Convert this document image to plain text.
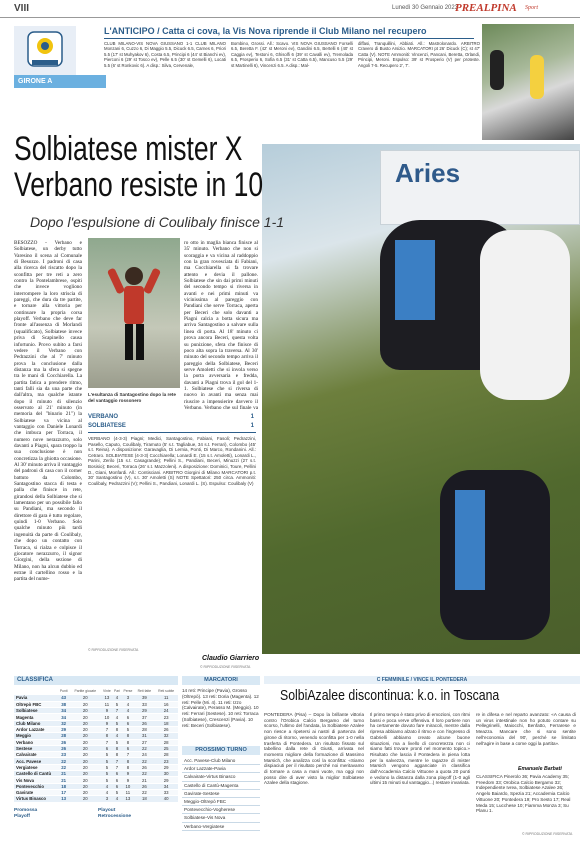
VIII	Lunedì 30 Gennaio 2023
PREALPINA Sport
GIRONE A
L'ANTICIPO / Catta ci cova, la Vis Nova riprende il Club Milano nel recupero
CLUB MILANO-VIS NOVA GIUSSANO 1-1 CLUB MILANO Monzani 6, Cuzzo 6, Di Maggio 5.5, Dicuck 6.5, Carnes 6, Priori 5.5 (17' st Muhyakov 6), Costa 6.5, Principi 6 (44' st Bianchi ev), Pierconi 6 (29' st Tosco ev), Pelle 6.5 (30' st Gemelli 6), Locati 5.5 (6' st Ronkovic 6). A disp.: Silva, Cervenale,
Bombino, Grossi. All.: Scavo. VIS NOVA GIUSSANO Forselli 6.5, Beretta F. (42' st Meroni ev), Gandini 6.5, Bertelli 6 (40' st Caggia ev), Testoni 6, Ghisolfi 6 (39' st Cavalli ev), Tremolada 6.5, Prosperio 6, Sofia 6.5 (31' st Catta 6.5), Mancuso 5.5 (29' st Martinelli 6), Vincenzi 6.5. A disp.: Mal-
diffasi, Tranquillini, Abbiati. All.: Mastrolonardo. ARBITRO Cravero di Busto Arsizio. MARCATORI pt 26' Dicuck (C); st 47' Catta (V). NOTE Ammoniti: Vincenzi, Pancani, Beretta, Orlandi, Principi, Meroni. Espulso: 39' st Prosperio (V) per proteste. Angoli 7-5. Recupero 2', 7'.
Aries
Solbiatese mister X
Verbano resiste in 10
Dopo l'espulsione di Coulibaly finisce 1-1
BESOZZO - Verbano e Solbiatese, un derby tutto Varesino il scena al Comunale di Besozzo. I padroni di casa alla ricerca del riscatto dopo la sconfitta per tre reti a zero contro la Pontelambrese, ospiti che invece vogliono interrompere la loro striscia di pareggi, che dura da tre partite, e tornare alla vittoria per continuare la propria corsa playoff. Verbano che deve far fronte all'assenza di Morlandi (squalificato), Solbiatese invece priva di Scapinello causa infortunio. Provo subito a farsi vedere il Verbano con Pedrazzini che al 7' minuto prova la conclusione dalla distanza ma la sfera si spegne tra le mani di Cocchiarella. La partita fatica a prendere ritmo, tanti falli sia da una parte che dall'altra, ma qualche istante dopo il minuto di silenzio osservato al 21' minuto (in memoria del "binario 21") la Solbiatese va vicina al vantaggio con Daniele Lonardi che imbuca per Torraca, il numero nove nerazzurro, solo davanti a Piagni, spara troppo la sua conclusione è non concretizza la ghiotta occasione. Al 30' minuto arriva il vantaggio del padroni di casa con il corner battuto da Colombo, Santagostino stacca di testa e palla che finisce in rete, girandosi della Solbiatese che si lamentano per un possibile fallo su Pandiani, ma secondo il direttore di gara è tutto regolare, quindi 1-0 Verbano. Solo qualche minuto più tardi ingenuità da parte di Coulibaly, che dopo un contatto con Torraca, si rialza e colpisce il giocatore nerazzurro, il signor Giorgini, della sezione di Milano, non ha alcun dubbio ed estrae il cartellino rosso e la partita del nume-
L'esultanza di Santagostino dopo la rete del vantaggio rossonero
ro otto in maglia bianca finisce al 35' minuto. Verbano che non si scoraggia e va vicina al raddoppio con la gran rovesciata di Fabiani, ma Cocchiarella si fa trovare attento e devia il pallone. Solbiatese che sin dai primi minuti del secondo tempo si riversa in avanti e nei primi minuti va vicinissima al pareggio con Pandiani che serve Torraca, aperta per Beceri che solo davanti a Piagni calcia a botta sicura ma arriva Santagostino a salvare sulla linea di porta. Al 18' minuto ci prova ancora Beceri, questa volta su punizione, sfera che finisce di poco alta sopra la traversa. Al 30' minuto del secondo tempo arriva il pareggio della Solbiatese, Beceri serve Amoletti che si invola verso la porta avversaria e fredda, davanti a Piagni trova il gol del 1-1. Solbiatese che si riversa di nuovo in avanti ma senza mai riuscire a impensierire davvero il Verbano. Verbano che sul finale va
VERBANO	1
SOLBIATESE	1
VERBANO (4-3-3) Piagni; Medici, Santagostino, Fabiani, Fasoli; Pedrazzini, Pasello, Caputo, Coulibaly, Tiramuto (5' s.t. Tagliabue, 34 s.t. Ferrari), Colombo (45' s.t. Reina). A disposizione: Garavaglia, Di Lernia, Ponti, Di Marco, Rondanini. All.: Cetraro. SOLBIATESE (4-3-3) Cocchiarella; Lonardi E. (15 s.t. Amoletti), Lonardi L., Parini, Zerilo (15 s.t. Casagrande); Pellini S., Pandiani, Beceri, Minuzzi (27 s.t. Bosisio); Beceri, Torraca (26' s.t. Mazzoleni). A disposizione: Dominici, Toure, Pellini D., Giani, Monfardi. All.: Contisciani. ARBITRO Giorgini di Milano MARCATORI p.t. 30' Santagostino (V), s.t. 30' Amoletti (S) NOTE Spettatori: 250 circa. Ammoniti: Coulibaly, Pedrazzini (V); Pellini S., Pandiani, Lonardi L. (S). Espulso: Coulibaly (V)
© RIPRODUZIONE RISERVATA
Claudio Giarriero
© RIPRODUZIONE RISERVATA
CLASSIFICA
	Punti	Partite giocate	Vinte	Pari	Perse	Reti fatte	Reti subite
Pavia	43	20	13	4	3	39	11
Oltrepò FBC	38	20	11	5	4	33	16
Solbiatese	34	20	9	7	4	29	24
Magenta	34	20	10	4	6	37	23
Club Milano	32	20	9	5	6	26	18
Ardor Lazzate	29	20	7	8	5	28	26
Meggio	28	20	8	4	8	31	32
Verbano	26	20	7	5	8	27	28
Sestese	26	20	6	8	6	22	25
Calvairate	23	20	5	8	7	24	28
Acc. Pavese	22	20	5	7	8	22	23
Vergiatese	22	20	5	7	8	26	29
Castello di Cantù	21	20	5	6	9	22	30
Vis Nova	21	20	5	6	9	21	29
Pontevecchio	18	20	4	6	10	26	34
Gavirate	17	20	4	5	11	22	33
Virtus Binasco	13	20	3	4	13	18	40
Promossa	Playout
Playoff	Retrocessione
MARCATORI
14 reti: Principe (Pavia), Grosso (Oltrepò). 13 reti: Doria (Magenta). 12 reti: Pelle (Mi. 4). 11 reti: Izzo (Calvairate), Perasso M. (Meggio). 10 reti: Ferrari (Sestese). 10 reti: Torraca (Solbiatese), Crescenzi (Pavia). 10 reti: Beceri (Solbiatese).
PROSSIMO TURNO
Acc. Pavese-Club Milano
Ardor Lazzate-Pavia
Calvairate-Virtus Binasco
Castello di Cantù-Magenta
Gavirate-Sestese
Meggio-Oltrepò FBC
Pontevecchio-Vogherese
Solbiatese-Vis Nova
Verbano-Vergiatese
C FEMMINILE / VINCE IL PONTEDERA
SolbiAzalee discontinua: k.o. in Toscana
PONTEDERA (Pisa) – Dopo la brillante vittoria contro l'Orobica Calcio Bergamo del turno scorso, l'ultimo del l'andata, la Solbiatese Azalee non riesce a ripetersi ai nastri di partenza del girone di ritorno, venendo sconfitta per 1-0 nella trasferta di Pontedera. Un risultato fissato sul tabellino dalla rete di Giusti, arrivata nel momento migliore della formazione di Massimo Marsich, che analizza così la sconfitta: «Siamo dispiaciuti per il risultato perché noi meritavamo di tornare a casa a mani vuote, ma oggi non posso dire di aver visto la miglior Solbiatese Azalee della stagione.
Il primo tempo è stato privo di emozioni, con ritmi bassi e poca verve offensiva. Il loro portiere non ha certamente dovuto fare miracoli, mentre dalla ripresa abbiamo alzato il ritmo e con l'ingresso di Gabrielli abbiamo creato alcune buone situazioni, ma a livello di concretezza non ci siamo fatti trovare pronti nel momento topico.» Risultato che lascia il Pontedera in piena lotta per la salvezza, mentre le ragazze di mister Marsich vengono agganciate in classifica dall'Accademia Calcio Vittuone a quota 20 punti e vedono la distanza dalla zona playoff (1-0 agli ultimi 15 minuti sul vantaggio...) restare invariata.
re in difesa e nel reparto avanzato: «A causa di un virus intestinale non ho potuto contare su Pellegrinelli, Maiocchi, Benfatto, Ferrarese e Meazza. Mancare che si sono sentite nell'economia del 90', perché se limitato nell'agire in base a come oggi la partita».
Emanuele Barbati
CLASSIFICA Pinerolo 36; Pavia Academy 35; Freedom 33; Orobica Calcio Bergamo 32; Independiente Ivrea, Solbiatese Azalee 26; Angelo Baiardo, Spezia 21; Accademia Calcio Vittuone 20; Pontedera 19; Pro Sesto 17; Real Meda 15; Lucchese 10; Fiamma Monza 3; Su Planu 1.
© RIPRODUZIONE RISERVATA
